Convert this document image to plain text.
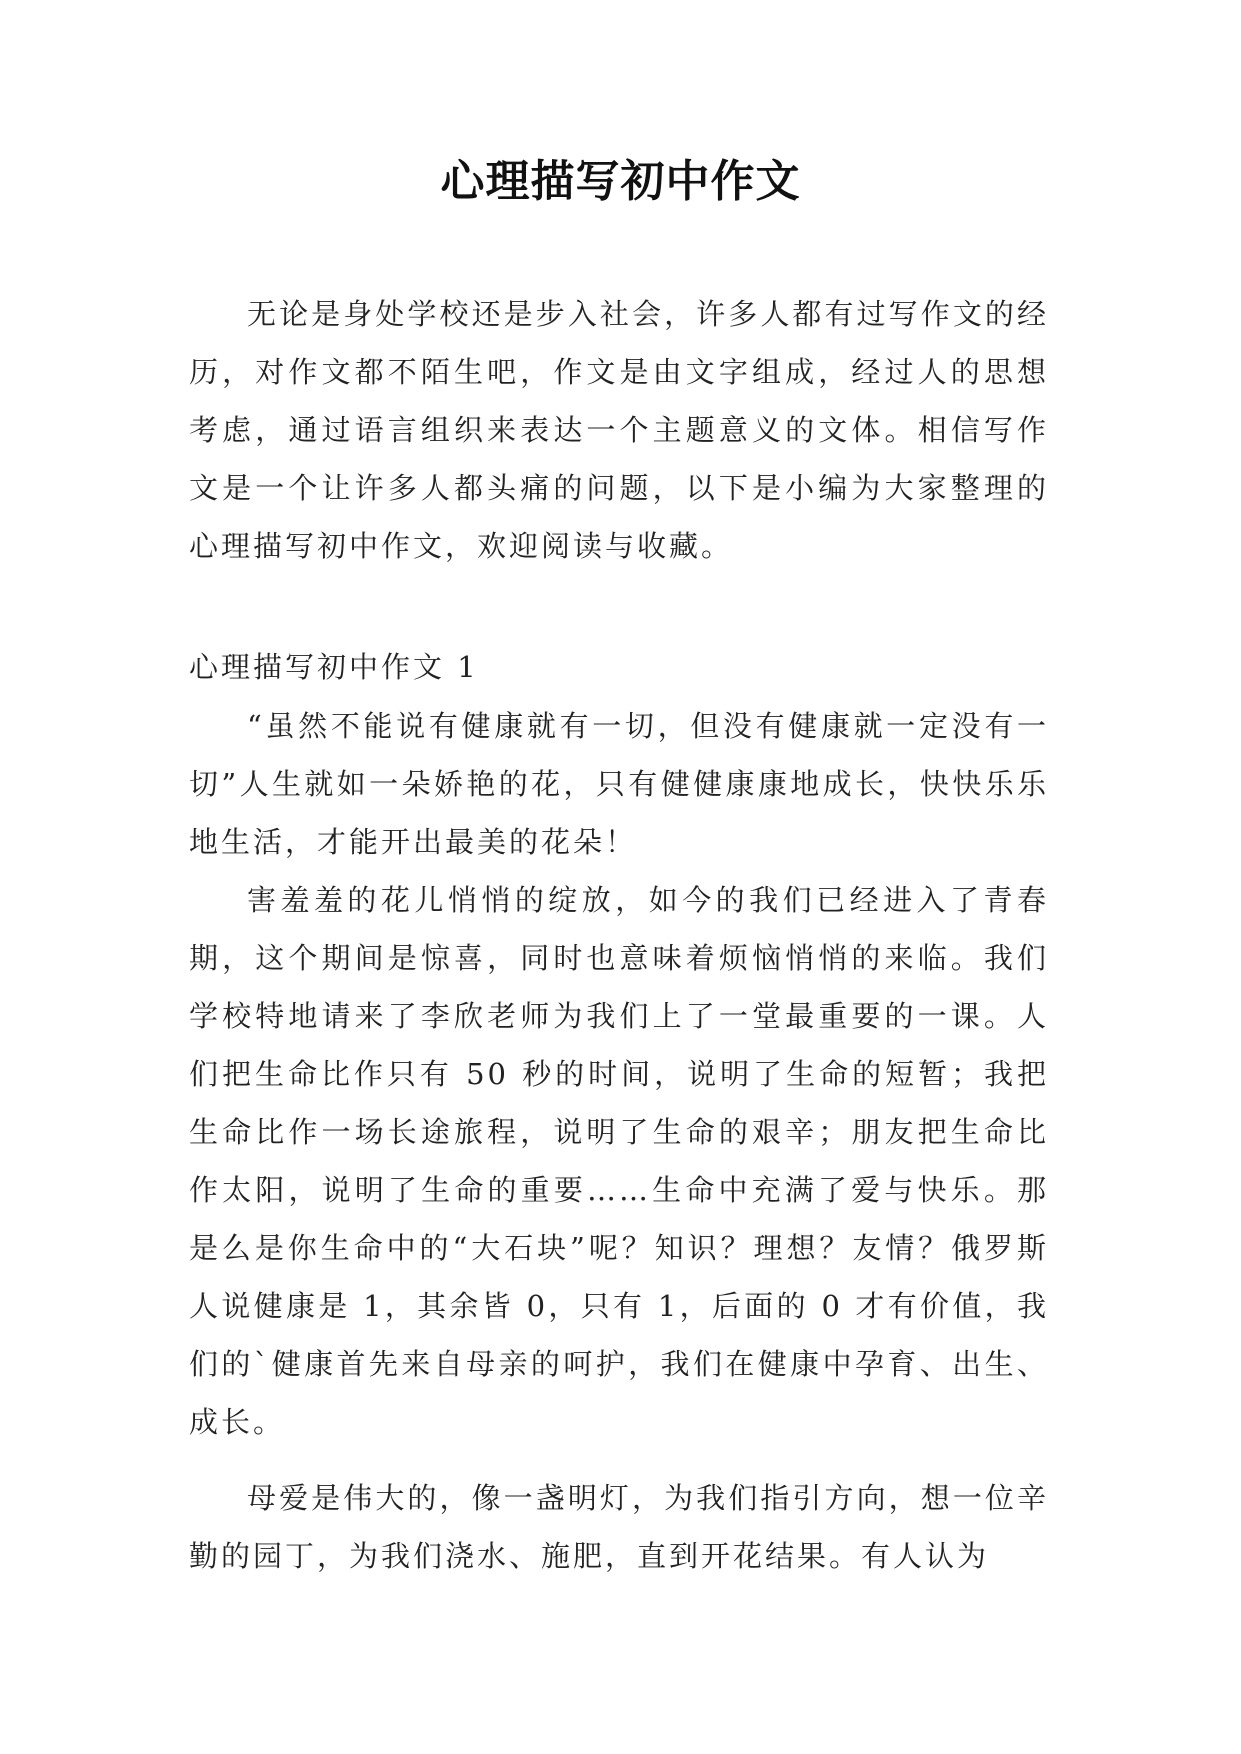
心理描写初中作文

无论是身处学校还是步入社会，许多人都有过写作文的经历，对作文都不陌生吧，作文是由文字组成，经过人的思想考虑，通过语言组织来表达一个主题意义的文体。相信写作文是一个让许多人都头痛的问题，以下是小编为大家整理的心理描写初中作文，欢迎阅读与收藏。

心理描写初中作文 1

“虽然不能说有健康就有一切，但没有健康就一定没有一切”人生就如一朵娇艳的花，只有健健康康地成长，快快乐乐地生活，才能开出最美的花朵！

害羞羞的花儿悄悄的绽放，如今的我们已经进入了青春期，这个期间是惊喜，同时也意味着烦恼悄悄的来临。我们学校特地请来了李欣老师为我们上了一堂最重要的一课。人们把生命比作只有 50 秒的时间，说明了生命的短暂；我把生命比作一场长途旅程，说明了生命的艰辛；朋友把生命比作太阳，说明了生命的重要……生命中充满了爱与快乐。那是么是你生命中的“大石块”呢？知识？理想？友情？俄罗斯人说健康是 1，其余皆 0，只有 1，后面的 0 才有价值，我们的`健康首先来自母亲的呵护，我们在健康中孕育、出生、成长。

母爱是伟大的，像一盏明灯，为我们指引方向，想一位辛勤的园丁，为我们浇水、施肥，直到开花结果。有人认为
